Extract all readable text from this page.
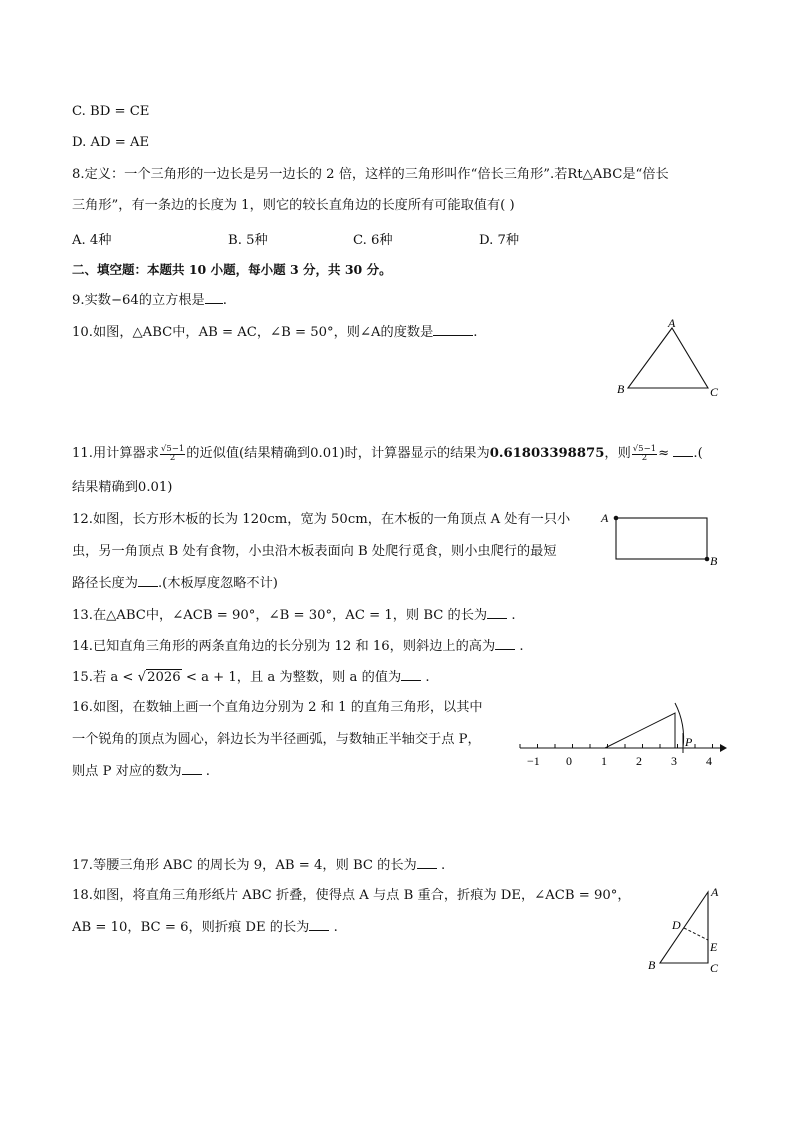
C. BD = CE
D. AD = AE
8.定义：一个三角形的一边长是另一边长的 2 倍，这样的三角形叫作“倍长三角形”.若Rt△ABC是“倍长
三角形”，有一条边的长度为 1，则它的较长直角边的长度所有可能取值有( )
A. 4种	B. 5种	C. 6种	D. 7种
二、填空题：本题共 10 小题，每小题 3 分，共 30 分。
9.实数−64的立方根是 .
10.如图，△ABC中，AB = AC，∠B = 50°，则∠A的度数是	.
A
B	C
11.用计算器求$\frac{√5-1}{2}$的近似值(结果精确到0.01)时，计算器显示的结果为0.61803398875，则$\frac{√5-1}{2}\approx$ .(
结果精确到0.01)
12.如图，长方形木板的长为 120cm，宽为 50cm，在木板的一角顶点 A 处有一只小
虫，另一角顶点 B 处有食物，小虫沿木板表面向 B 处爬行觅食，则小虫爬行的最短
路径长度为 .(木板厚度忽略不计)
A
B
13.在△ABC中，∠ACB = 90°，∠B = 30°，AC = 1，则 BC 的长为 .
14.已知直角三角形的两条直角边的长分别为 12 和 16，则斜边上的高为 .
15.若 a < √2026 < a + 1，且 a 为整数，则 a 的值为 .
16.如图，在数轴上画一个直角边分别为 2 和 1 的直角三角形，以其中
一个锐角的顶点为圆心，斜边长为半径画弧，与数轴正半轴交于点 P，
则点 P 对应的数为 .
−1 0 1 2 3 4
P
17.等腰三角形 ABC 的周长为 9，AB = 4，则 BC 的长为 .
18.如图，将直角三角形纸片 ABC 折叠，使得点 A 与点 B 重合，折痕为 DE，∠ACB = 90°，
AB = 10，BC = 6，则折痕 DE 的长为 .
A
B	C
D
E
